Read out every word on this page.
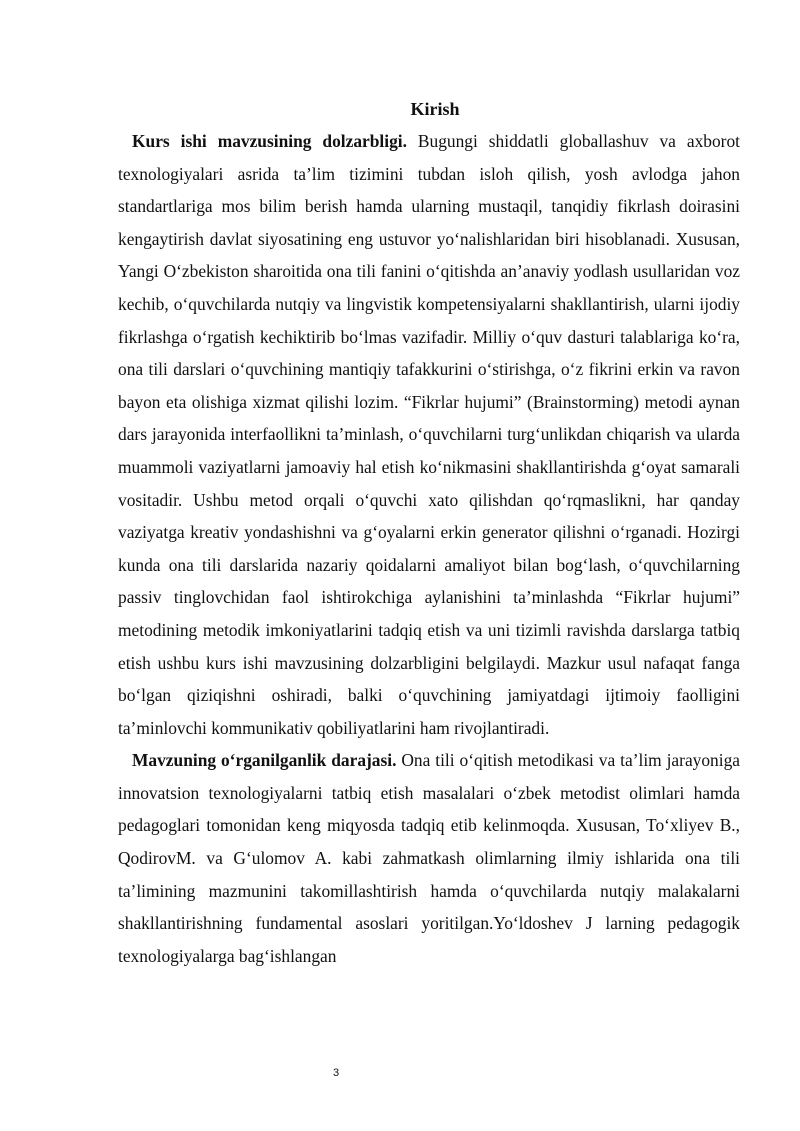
Kirish

Kurs ishi mavzusining dolzarbligi. Bugungi shiddatli globallashuv va axborot texnologiyalari asrida ta’lim tizimini tubdan isloh qilish, yosh avlodga jahon standartlariga mos bilim berish hamda ularning mustaqil, tanqidiy fikrlash doirasini kengaytirish davlat siyosatining eng ustuvor yo‘nalishlaridan biri hisoblanadi. Xususan, Yangi O‘zbekiston sharoitida ona tili fanini o‘qitishda an’anaviy yodlash usullaridan voz kechib, o‘quvchilarda nutqiy va lingvistik kompetensiyalarni shakllantirish, ularni ijodiy fikrlashga o‘rgatish kechiktirib bo‘lmas vazifadir. Milliy o‘quv dasturi talablariga ko‘ra, ona tili darslari o‘quvchining mantiqiy tafakkurini o‘stirishga, o‘z fikrini erkin va ravon bayon eta olishiga xizmat qilishi lozim. “Fikrlar hujumi” (Brainstorming) metodi aynan dars jarayonida interfaollikni ta’minlash, o‘quvchilarni turg‘unlikdan chiqarish va ularda muammoli vaziyatlarni jamoaviy hal etish ko‘nikmasini shakllantirishda g‘oyat samarali vositadir. Ushbu metod orqali o‘quvchi xato qilishdan qo‘rqmaslikni, har qanday vaziyatga kreativ yondashishni va g‘oyalarni erkin generator qilishni o‘rganadi. Hozirgi kunda ona tili darslarida nazariy qoidalarni amaliyot bilan bog‘lash, o‘quvchilarning passiv tinglovchidan faol ishtirokchiga aylanishini ta’minlashda “Fikrlar hujumi” metodining metodik imkoniyatlarini tadqiq etish va uni tizimli ravishda darslarga tatbiq etish ushbu kurs ishi mavzusining dolzarbligini belgilaydi. Mazkur usul nafaqat fanga bo‘lgan qiziqishni oshiradi, balki o‘quvchining jamiyatdagi ijtimoiy faolligini ta’minlovchi kommunikativ qobiliyatlarini ham rivojlantiradi.

Mavzuning o‘rganilganlik darajasi. Ona tili o‘qitish metodikasi va ta’lim jarayoniga innovatsion texnologiyalarni tatbiq etish masalalari o‘zbek metodist olimlari hamda pedagoglari tomonidan keng miqyosda tadqiq etib kelinmoqda. Xususan, To‘xliyev B., QodirovM. va G‘ulomov A. kabi zahmatkash olimlarning ilmiy ishlarida ona tili ta’limining mazmunini takomillashtirish hamda o‘quvchilarda nutqiy malakalarni shakllantirishning fundamental asoslari yoritilgan.Yo‘ldoshev J larning pedagogik texnologiyalarga bag‘ishlangan

3
